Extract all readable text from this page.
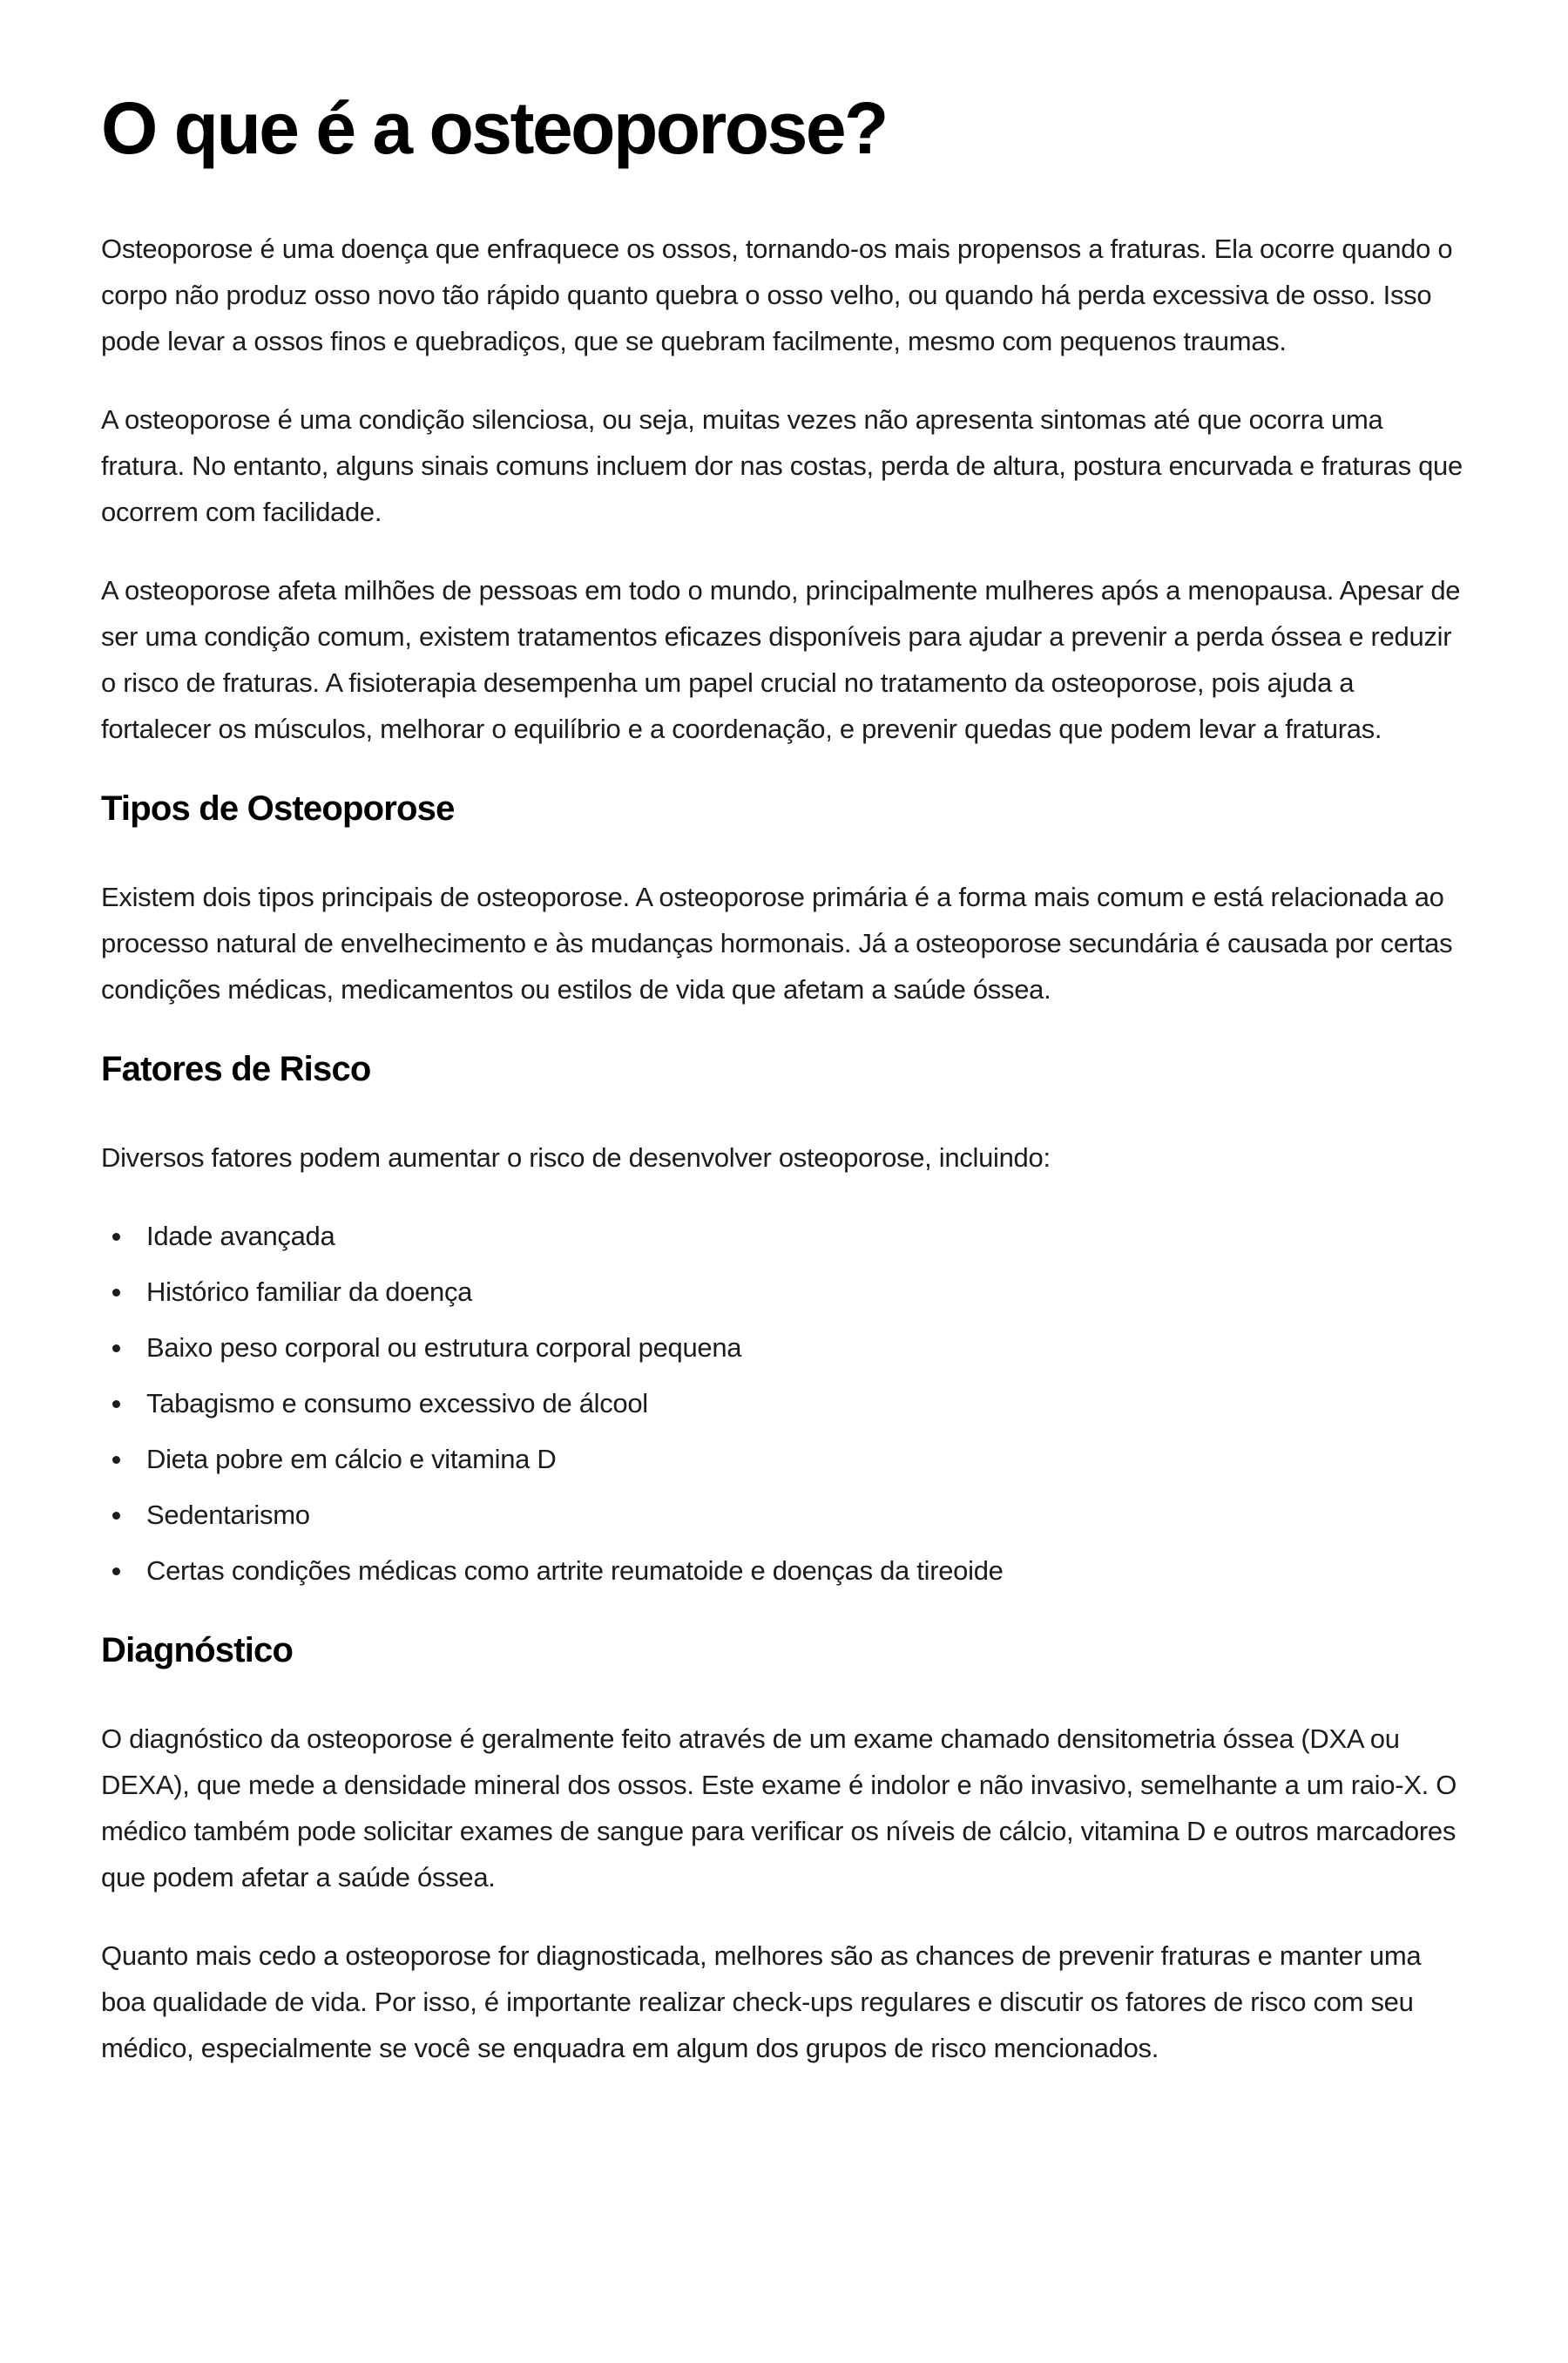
O que é a osteoporose?

Osteoporose é uma doença que enfraquece os ossos, tornando-os mais propensos a fraturas. Ela ocorre quando o corpo não produz osso novo tão rápido quanto quebra o osso velho, ou quando há perda excessiva de osso. Isso pode levar a ossos finos e quebradiços, que se quebram facilmente, mesmo com pequenos traumas.

A osteoporose é uma condição silenciosa, ou seja, muitas vezes não apresenta sintomas até que ocorra uma fratura. No entanto, alguns sinais comuns incluem dor nas costas, perda de altura, postura encurvada e fraturas que ocorrem com facilidade.

A osteoporose afeta milhões de pessoas em todo o mundo, principalmente mulheres após a menopausa. Apesar de ser uma condição comum, existem tratamentos eficazes disponíveis para ajudar a prevenir a perda óssea e reduzir o risco de fraturas. A fisioterapia desempenha um papel crucial no tratamento da osteoporose, pois ajuda a fortalecer os músculos, melhorar o equilíbrio e a coordenação, e prevenir quedas que podem levar a fraturas.

Tipos de Osteoporose

Existem dois tipos principais de osteoporose. A osteoporose primária é a forma mais comum e está relacionada ao processo natural de envelhecimento e às mudanças hormonais. Já a osteoporose secundária é causada por certas condições médicas, medicamentos ou estilos de vida que afetam a saúde óssea.

Fatores de Risco

Diversos fatores podem aumentar o risco de desenvolver osteoporose, incluindo:

Idade avançada
Histórico familiar da doença
Baixo peso corporal ou estrutura corporal pequena
Tabagismo e consumo excessivo de álcool
Dieta pobre em cálcio e vitamina D
Sedentarismo
Certas condições médicas como artrite reumatoide e doenças da tireoide
Diagnóstico

O diagnóstico da osteoporose é geralmente feito através de um exame chamado densitometria óssea (DXA ou DEXA), que mede a densidade mineral dos ossos. Este exame é indolor e não invasivo, semelhante a um raio-X. O médico também pode solicitar exames de sangue para verificar os níveis de cálcio, vitamina D e outros marcadores que podem afetar a saúde óssea.

Quanto mais cedo a osteoporose for diagnosticada, melhores são as chances de prevenir fraturas e manter uma boa qualidade de vida. Por isso, é importante realizar check-ups regulares e discutir os fatores de risco com seu médico, especialmente se você se enquadra em algum dos grupos de risco mencionados.
